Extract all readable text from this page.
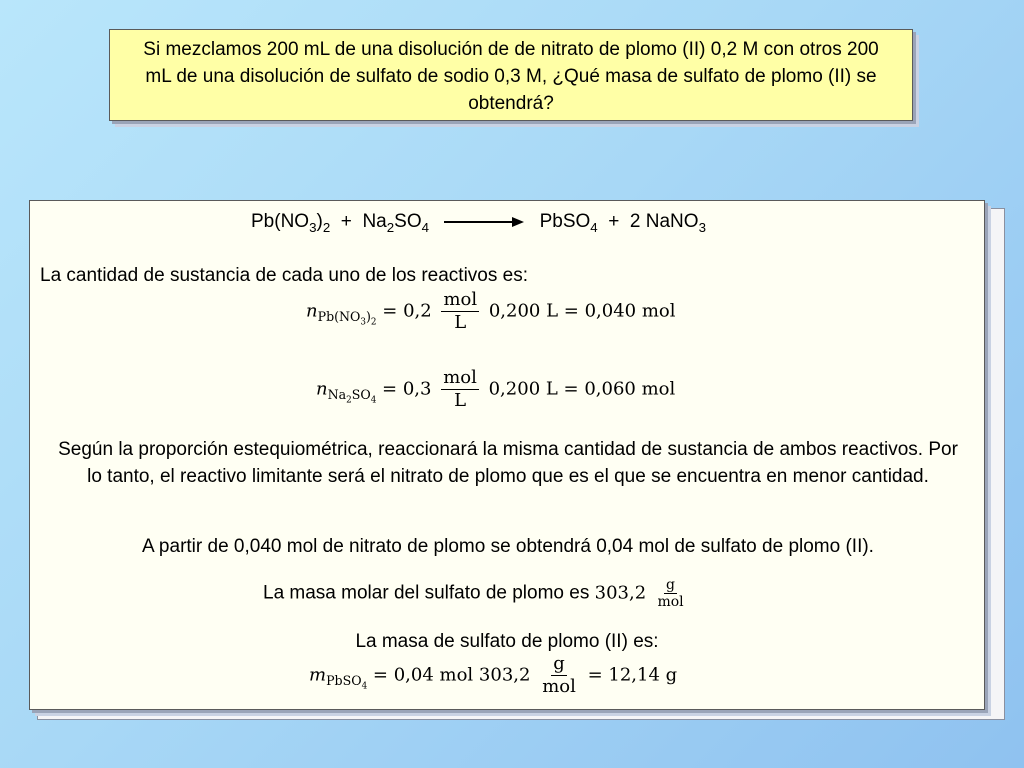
Si mezclamos 200 mL de una disolución de de nitrato de plomo (II) 0,2 M con otros 200 mL de una disolución de sulfato de sodio 0,3 M, ¿Qué masa de sulfato de plomo (II) se obtendrá?
$Pb(NO_3)_2 + Na_2SO_4$	PbSO$_4$ + 2 NaNO$_3$
La cantidad de sustancia de cada uno de los reactivos es:
$n_{Pb(NO_3)_2} = 0,2 \frac{\text{mol}}{L} 0,200$ L = 0,040 mol
$n_{Na_2SO_4} = 0,3 \frac{\text{mol}}{L} 0,200$ L = 0,060 mol
Según la proporción estequiométrica, reaccionará la misma cantidad de sustancia de ambos reactivos. Por lo tanto, el reactivo limitante será el nitrato de plomo que es el que se encuentra en menor cantidad.
A partir de 0,040 mol de nitrato de plomo se obtendrá 0,04 mol de sulfato de plomo (II).
La masa molar del sulfato de plomo es $303,2 \frac{g}{\text{mol}}$
La masa de sulfato de plomo (II) es:
$m_{PbSO_4} = 0,04$ mol $303,2 \frac{g}{\text{mol}} = 12,14$ g
